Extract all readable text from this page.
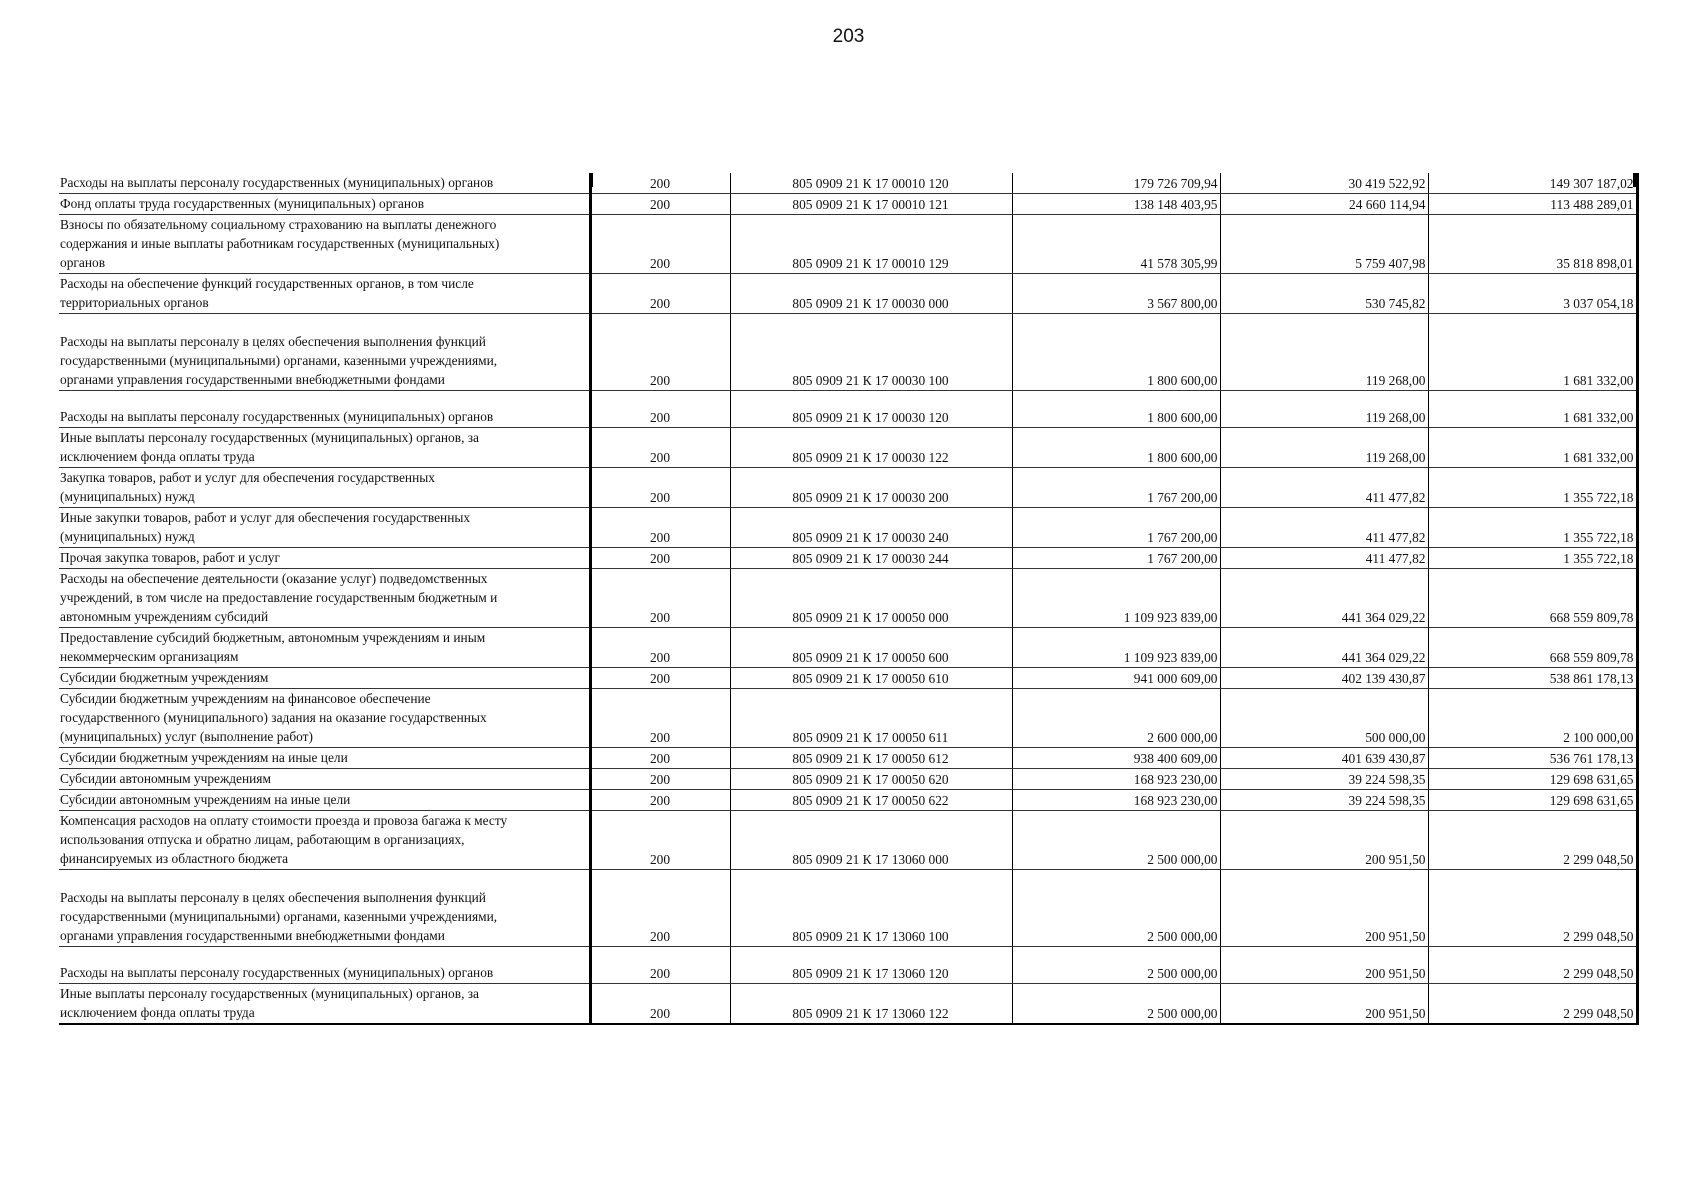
203
Расходы на выплаты персоналу государственных (муниципальных) органов	200	805 0909 21 К 17 00010 120	179 726 709,94	30 419 522,92	149 307 187,02

Фонд оплаты труда государственных (муниципальных) органов	200	805 0909 21 К 17 00010 121	138 148 403,95	24 660 114,94	113 488 289,01

Взносы по обязательному социальному страхованию на выплаты денежного
содержания и иные выплаты работникам государственных (муниципальных)
органов	200	805 0909 21 К 17 00010 129	41 578 305,99	5 759 407,98	35 818 898,01

Расходы на обеспечение функций государственных органов, в том числе
территориальных органов	200	805 0909 21 К 17 00030 000	3 567 800,00	530 745,82	3 037 054,18

Расходы на выплаты персоналу в целях обеспечения выполнения функций
государственными (муниципальными) органами, казенными учреждениями,
органами управления государственными внебюджетными фондами	200	805 0909 21 К 17 00030 100	1 800 600,00	119 268,00	1 681 332,00

Расходы на выплаты персоналу государственных (муниципальных) органов	200	805 0909 21 К 17 00030 120	1 800 600,00	119 268,00	1 681 332,00

Иные выплаты персоналу государственных (муниципальных) органов, за
исключением фонда оплаты труда	200	805 0909 21 К 17 00030 122	1 800 600,00	119 268,00	1 681 332,00

Закупка товаров, работ и услуг для обеспечения государственных
(муниципальных) нужд	200	805 0909 21 К 17 00030 200	1 767 200,00	411 477,82	1 355 722,18

Иные закупки товаров, работ и услуг для обеспечения государственных
(муниципальных) нужд	200	805 0909 21 К 17 00030 240	1 767 200,00	411 477,82	1 355 722,18

Прочая закупка товаров, работ и услуг	200	805 0909 21 К 17 00030 244	1 767 200,00	411 477,82	1 355 722,18

Расходы на обеспечение деятельности (оказание услуг) подведомственных
учреждений, в том числе на предоставление государственным бюджетным и
автономным учреждениям субсидий	200	805 0909 21 К 17 00050 000	1 109 923 839,00	441 364 029,22	668 559 809,78

Предоставление субсидий бюджетным, автономным учреждениям и иным
некоммерческим организациям	200	805 0909 21 К 17 00050 600	1 109 923 839,00	441 364 029,22	668 559 809,78

Субсидии бюджетным учреждениям	200	805 0909 21 К 17 00050 610	941 000 609,00	402 139 430,87	538 861 178,13

Субсидии бюджетным учреждениям на финансовое обеспечение
государственного (муниципального) задания на оказание государственных
(муниципальных) услуг (выполнение работ)	200	805 0909 21 К 17 00050 611	2 600 000,00	500 000,00	2 100 000,00

Субсидии бюджетным учреждениям на иные цели	200	805 0909 21 К 17 00050 612	938 400 609,00	401 639 430,87	536 761 178,13

Субсидии автономным учреждениям	200	805 0909 21 К 17 00050 620	168 923 230,00	39 224 598,35	129 698 631,65

Субсидии автономным учреждениям на иные цели	200	805 0909 21 К 17 00050 622	168 923 230,00	39 224 598,35	129 698 631,65

Компенсация расходов на оплату стоимости проезда и провоза багажа к месту
использования отпуска и обратно лицам, работающим в организациях,
финансируемых из областного бюджета	200	805 0909 21 К 17 13060 000	2 500 000,00	200 951,50	2 299 048,50

Расходы на выплаты персоналу в целях обеспечения выполнения функций
государственными (муниципальными) органами, казенными учреждениями,
органами управления государственными внебюджетными фондами	200	805 0909 21 К 17 13060 100	2 500 000,00	200 951,50	2 299 048,50

Расходы на выплаты персоналу государственных (муниципальных) органов	200	805 0909 21 К 17 13060 120	2 500 000,00	200 951,50	2 299 048,50

Иные выплаты персоналу государственных (муниципальных) органов, за
исключением фонда оплаты труда	200	805 0909 21 К 17 13060 122	2 500 000,00	200 951,50	2 299 048,50
